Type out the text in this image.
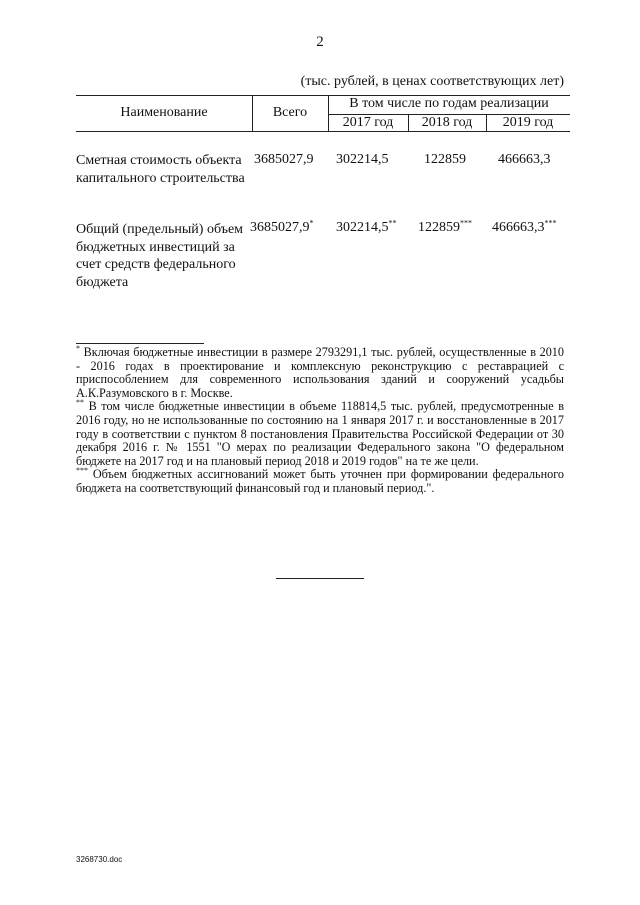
2
(тыс. рублей, в ценах соответствующих лет)
Наименование	Всего
В том числе по годам реализации
2017 год	2018 год	2019 год
Сметная стоимость объекта капитального строительства
3685027,9 302214,5	122859 466663,3
Общий (предельный) объем бюджетных инвестиций за счет средств федерального бюджета
3685027,9* 302214,5** 122859*** 466663,3***

* Включая бюджетные инвестиции в размере 2793291,1 тыс. рублей, осуществленные в 2010 - 2016 годах в проектирование и комплексную реконструкцию с реставрацией с приспособлением для современного использования зданий и сооружений усадьбы А.К.Разумовского в г. Москве.

** В том числе бюджетные инвестиции в объеме 118814,5 тыс. рублей, предусмотренные в 2016 году, но не использованные по состоянию на 1 января 2017 г. и восстановленные в 2017 году в соответствии с пунктом 8 постановления Правительства Российской Федерации от 30 декабря 2016 г. № 1551 "О мерах по реализации Федерального закона "О федеральном бюджете на 2017 год и на плановый период 2018 и 2019 годов" на те же цели.

*** Объем бюджетных ассигнований может быть уточнен при формировании федерального бюджета на соответствующий финансовый год и плановый период.".

3268730.doc
